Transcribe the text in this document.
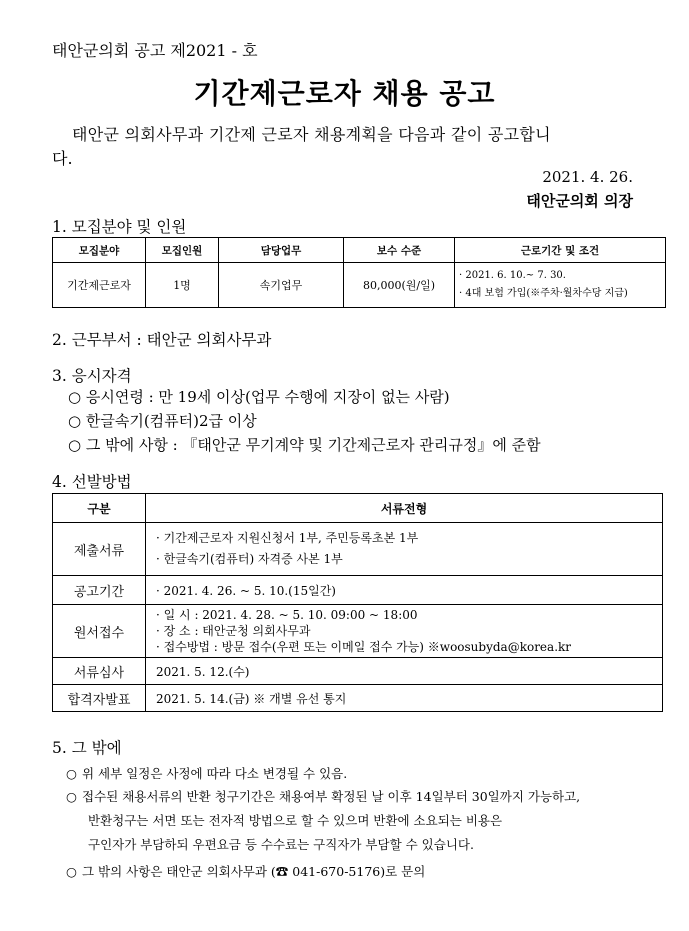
태안군의회 공고 제2021 - 호
기간제근로자 채용 공고
태안군 의회사무과 기간제 근로자 채용계획을 다음과 같이 공고합니
다.
2021. 4. 26.
태안군의회 의장
1. 모집분야 및 인원
모집분야	모집인원	담당업무	보수 수준	근로기간 및 조건
기간제근로자	1명	속기업무	80,000(원/일)	· 2021. 6. 10.~ 7. 30.
· 4대 보험 가입(※주차·월차수당 지급)
2. 근무부서 : 태안군 의회사무과
3. 응시자격
○ 응시연령 : 만 19세 이상(업무 수행에 지장이 없는 사람)
○ 한글속기(컴퓨터)2급 이상
○ 그 밖에 사항 : 『태안군 무기계약 및 기간제근로자 관리규정』에 준함
4. 선발방법
구분	서류전형
제출서류	· 기간제근로자 지원신청서 1부, 주민등록초본 1부
· 한글속기(컴퓨터) 자격증 사본 1부

공고기간	· 2021. 4. 26. ~ 5. 10.(15일간)
원서접수	· 일 시 : 2021. 4. 28. ~ 5. 10. 09:00 ~ 18:00
· 장 소 : 태안군청 의회사무과
· 접수방법 : 방문 접수(우편 또는 이메일 접수 가능) ※woosubyda@korea.kr

서류심사	2021. 5. 12.(수)
합격자발표	2021. 5. 14.(금) ※ 개별 유선 통지
5. 그 밖에
○ 위 세부 일정은 사정에 따라 다소 변경될 수 있음.
○ 접수된 채용서류의 반환 청구기간은 채용여부 확정된 날 이후 14일부터 30일까지 가능하고,
반환청구는 서면 또는 전자적 방법으로 할 수 있으며 반환에 소요되는 비용은
구인자가 부담하되 우편요금 등 수수료는 구직자가 부담할 수 있습니다.
○ 그 밖의 사항은 태안군 의회사무과 (☎ 041-670-5176)로 문의
